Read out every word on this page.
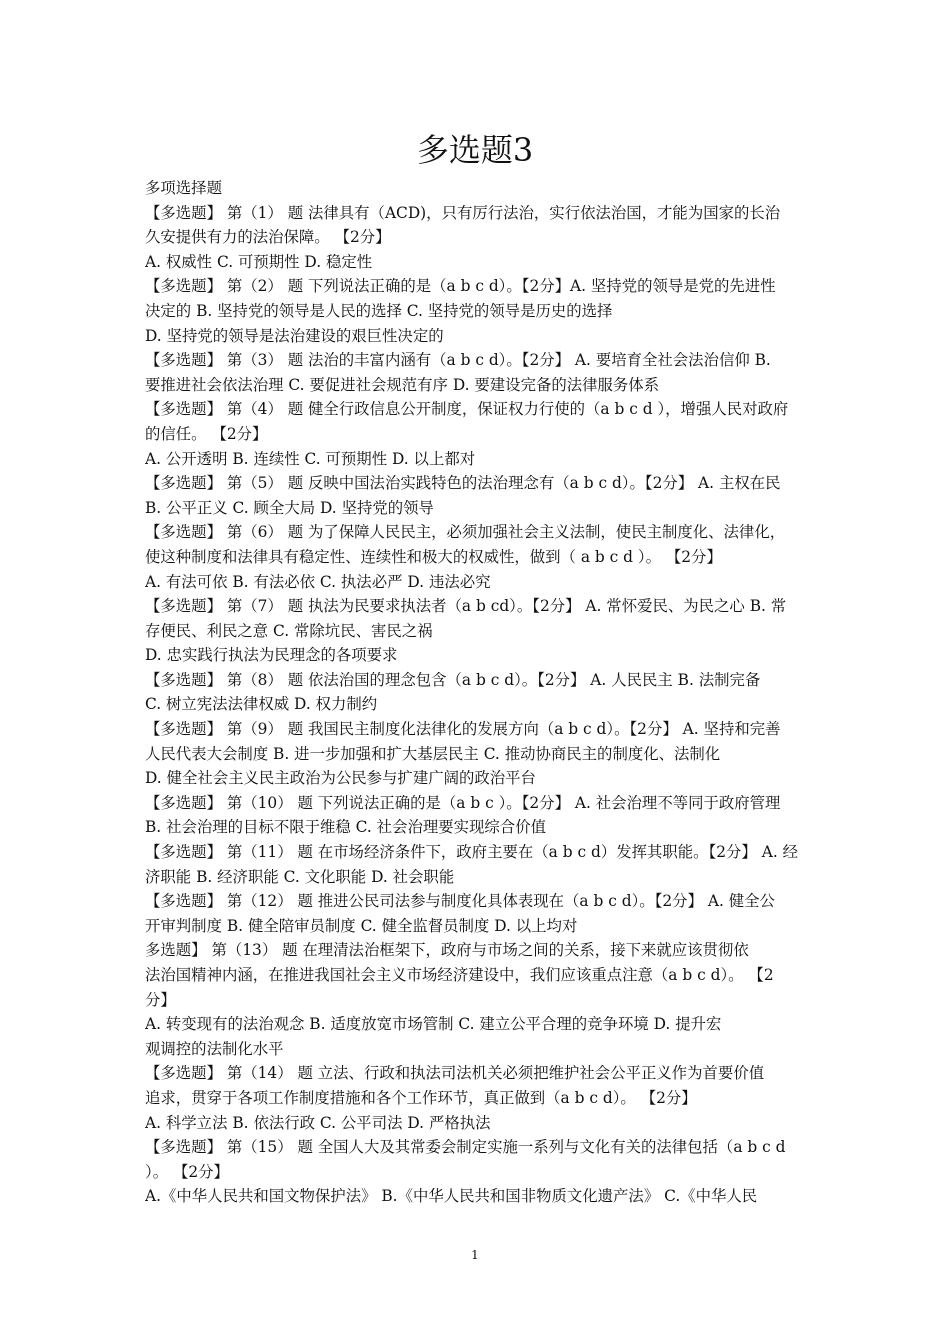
多选题3
多项选择题
【多选题】 第（1） 题 法律具有（ACD)，只有厉行法治，实行依法治国，才能为国家的长治
久安提供有力的法治保障。 【2分】
A. 权威性 C. 可预期性 D. 稳定性
【多选题】 第（2） 题 下列说法正确的是（a b c d）。【2分】A. 坚持党的领导是党的先进性
决定的 B. 坚持党的领导是人民的选择 C. 坚持党的领导是历史的选择
D. 坚持党的领导是法治建设的艰巨性决定的
【多选题】 第（3） 题 法治的丰富内涵有（a b c d）。【2分】 A. 要培育全社会法治信仰 B.
要推进社会依法治理 C. 要促进社会规范有序 D. 要建设完备的法律服务体系
【多选题】 第（4） 题 健全行政信息公开制度，保证权力行使的（a b c d ），增强人民对政府
的信任。 【2分】
A. 公开透明 B. 连续性 C. 可预期性 D. 以上都对
【多选题】 第（5） 题 反映中国法治实践特色的法治理念有（a b c d）。【2分】 A. 主权在民
B. 公平正义 C. 顾全大局 D. 坚持党的领导
【多选题】 第（6） 题 为了保障人民民主，必须加强社会主义法制，使民主制度化、法律化，
使这种制度和法律具有稳定性、连续性和极大的权威性，做到（ a b c d ）。 【2分】
A. 有法可依 B. 有法必依 C. 执法必严 D. 违法必究
【多选题】 第（7） 题 执法为民要求执法者（a b cd）。【2分】 A. 常怀爱民、为民之心 B. 常
存便民、利民之意 C. 常除坑民、害民之祸
D. 忠实践行执法为民理念的各项要求
【多选题】 第（8） 题 依法治国的理念包含（a b c d）。【2分】 A. 人民民主 B. 法制完备
C. 树立宪法法律权威 D. 权力制约
【多选题】 第（9） 题 我国民主制度化法律化的发展方向（a b c d）。【2分】 A. 坚持和完善
人民代表大会制度 B. 进一步加强和扩大基层民主 C. 推动协商民主的制度化、法制化
D. 健全社会主义民主政治为公民参与扩建广阔的政治平台
【多选题】 第（10） 题 下列说法正确的是（a b c ）。【2分】 A. 社会治理不等同于政府管理
B. 社会治理的目标不限于维稳 C. 社会治理要实现综合价值
【多选题】 第（11） 题 在市场经济条件下，政府主要在（a b c d）发挥其职能。【2分】 A. 经
济职能 B. 经济职能 C. 文化职能 D. 社会职能
【多选题】 第（12） 题 推进公民司法参与制度化具体表现在（a b c d）。【2分】 A. 健全公
开审判制度 B. 健全陪审员制度 C. 健全监督员制度 D. 以上均对
多选题】 第（13） 题 在理清法治框架下，政府与市场之间的关系，接下来就应该贯彻依
法治国精神内涵，在推进我国社会主义市场经济建设中，我们应该重点注意（a b c d）。 【2
分】
A. 转变现有的法治观念 B. 适度放宽市场管制 C. 建立公平合理的竞争环境 D. 提升宏
观调控的法制化水平
【多选题】 第（14） 题 立法、行政和执法司法机关必须把维护社会公平正义作为首要价值
追求，贯穿于各项工作制度措施和各个工作环节，真正做到（a b c d）。 【2分】
A. 科学立法 B. 依法行政 C. 公平司法 D. 严格执法
【多选题】 第（15） 题 全国人大及其常委会制定实施一系列与文化有关的法律包括（a b c d
）。 【2分】
A.《中华人民共和国文物保护法》 B.《中华人民共和国非物质文化遗产法》 C.《中华人民
1
